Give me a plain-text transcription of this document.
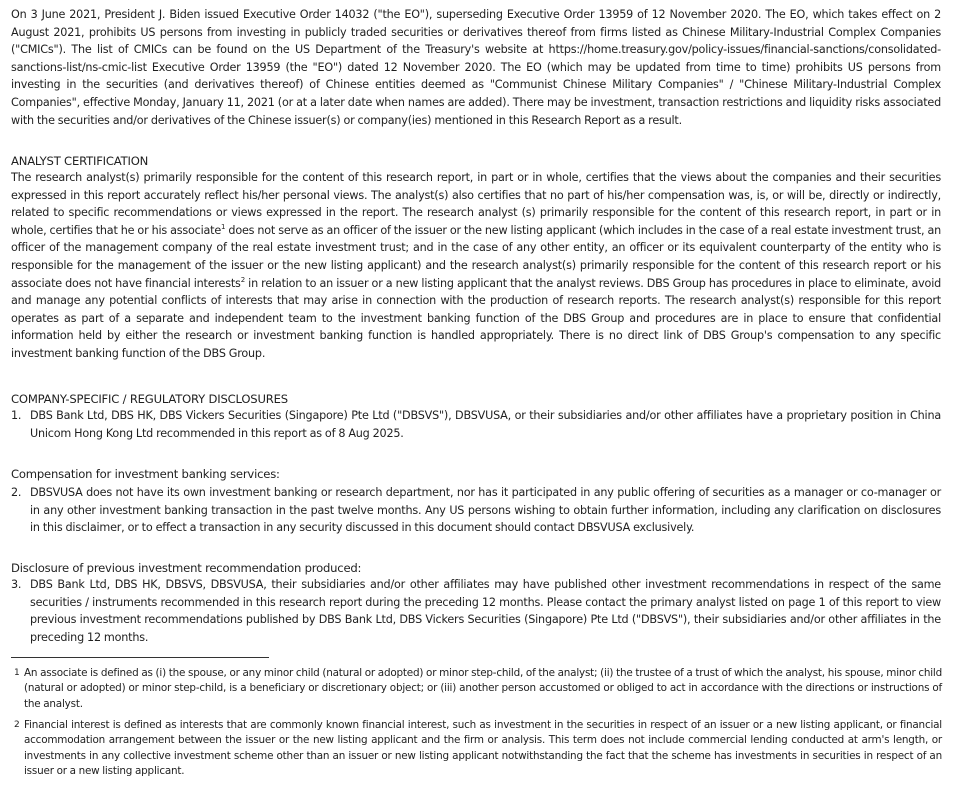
On 3 June 2021, President J. Biden issued Executive Order 14032 ("the EO"), superseding Executive Order 13959 of 12 November 2020. The EO, which takes effect on 2 August 2021, prohibits US persons from investing in publicly traded securities or derivatives thereof from firms listed as Chinese Military-Industrial Complex Companies ("CMICs"). The list of CMICs can be found on the US Department of the Treasury's website at https://home.treasury.gov/policy-issues/financial-sanctions/consolidated-sanctions-list/ns-cmic-list Executive Order 13959 (the "EO") dated 12 November 2020. The EO (which may be updated from time to time) prohibits US persons from investing in the securities (and derivatives thereof) of Chinese entities deemed as "Communist Chinese Military Companies" / "Chinese Military-Industrial Complex Companies", effective Monday, January 11, 2021 (or at a later date when names are added). There may be investment, transaction restrictions and liquidity risks associated with the securities and/or derivatives of the Chinese issuer(s) or company(ies) mentioned in this Research Report as a result.
ANALYST CERTIFICATION
The research analyst(s) primarily responsible for the content of this research report, in part or in whole, certifies that the views about the companies and their securities expressed in this report accurately reflect his/her personal views. The analyst(s) also certifies that no part of his/her compensation was, is, or will be, directly or indirectly, related to specific recommendations or views expressed in the report. The research analyst (s) primarily responsible for the content of this research report, in part or in whole, certifies that he or his associate$^1$ does not serve as an officer of the issuer or the new listing applicant (which includes in the case of a real estate investment trust, an officer of the management company of the real estate investment trust; and in the case of any other entity, an officer or its equivalent counterparty of the entity who is responsible for the management of the issuer or the new listing applicant) and the research analyst(s) primarily responsible for the content of this research report or his associate does not have financial interests$^2$ in relation to an issuer or a new listing applicant that the analyst reviews. DBS Group has procedures in place to eliminate, avoid and manage any potential conflicts of interests that may arise in connection with the production of research reports. The research analyst(s) responsible for this report operates as part of a separate and independent team to the investment banking function of the DBS Group and procedures are in place to ensure that confidential information held by either the research or investment banking function is handled appropriately. There is no direct link of DBS Group's compensation to any specific investment banking function of the DBS Group.
COMPANY-SPECIFIC / REGULATORY DISCLOSURES
1. DBS Bank Ltd, DBS HK, DBS Vickers Securities (Singapore) Pte Ltd ("DBSVS"), DBSVUSA, or their subsidiaries and/or other affiliates have a proprietary position in China Unicom Hong Kong Ltd recommended in this report as of 8 Aug 2025.
Compensation for investment banking services:
2. DBSVUSA does not have its own investment banking or research department, nor has it participated in any public offering of securities as a manager or co-manager or in any other investment banking transaction in the past twelve months. Any US persons wishing to obtain further information, including any clarification on disclosures in this disclaimer, or to effect a transaction in any security discussed in this document should contact DBSVUSA exclusively.
Disclosure of previous investment recommendation produced:
3. DBS Bank Ltd, DBS HK, DBSVS, DBSVUSA, their subsidiaries and/or other affiliates may have published other investment recommendations in respect of the same securities / instruments recommended in this research report during the preceding 12 months. Please contact the primary analyst listed on page 1 of this report to view previous investment recommendations published by DBS Bank Ltd, DBS Vickers Securities (Singapore) Pte Ltd ("DBSVS"), their subsidiaries and/or other affiliates in the preceding 12 months.
1 An associate is defined as (i) the spouse, or any minor child (natural or adopted) or minor step-child, of the analyst; (ii) the trustee of a trust of which the analyst, his spouse, minor child (natural or adopted) or minor step-child, is a beneficiary or discretionary object; or (iii) another person accustomed or obliged to act in accordance with the directions or instructions of the analyst.
2 Financial interest is defined as interests that are commonly known financial interest, such as investment in the securities in respect of an issuer or a new listing applicant, or financial accommodation arrangement between the issuer or the new listing applicant and the firm or analysis. This term does not include commercial lending conducted at arm's length, or investments in any collective investment scheme other than an issuer or new listing applicant notwithstanding the fact that the scheme has investments in securities in respect of an issuer or a new listing applicant.
